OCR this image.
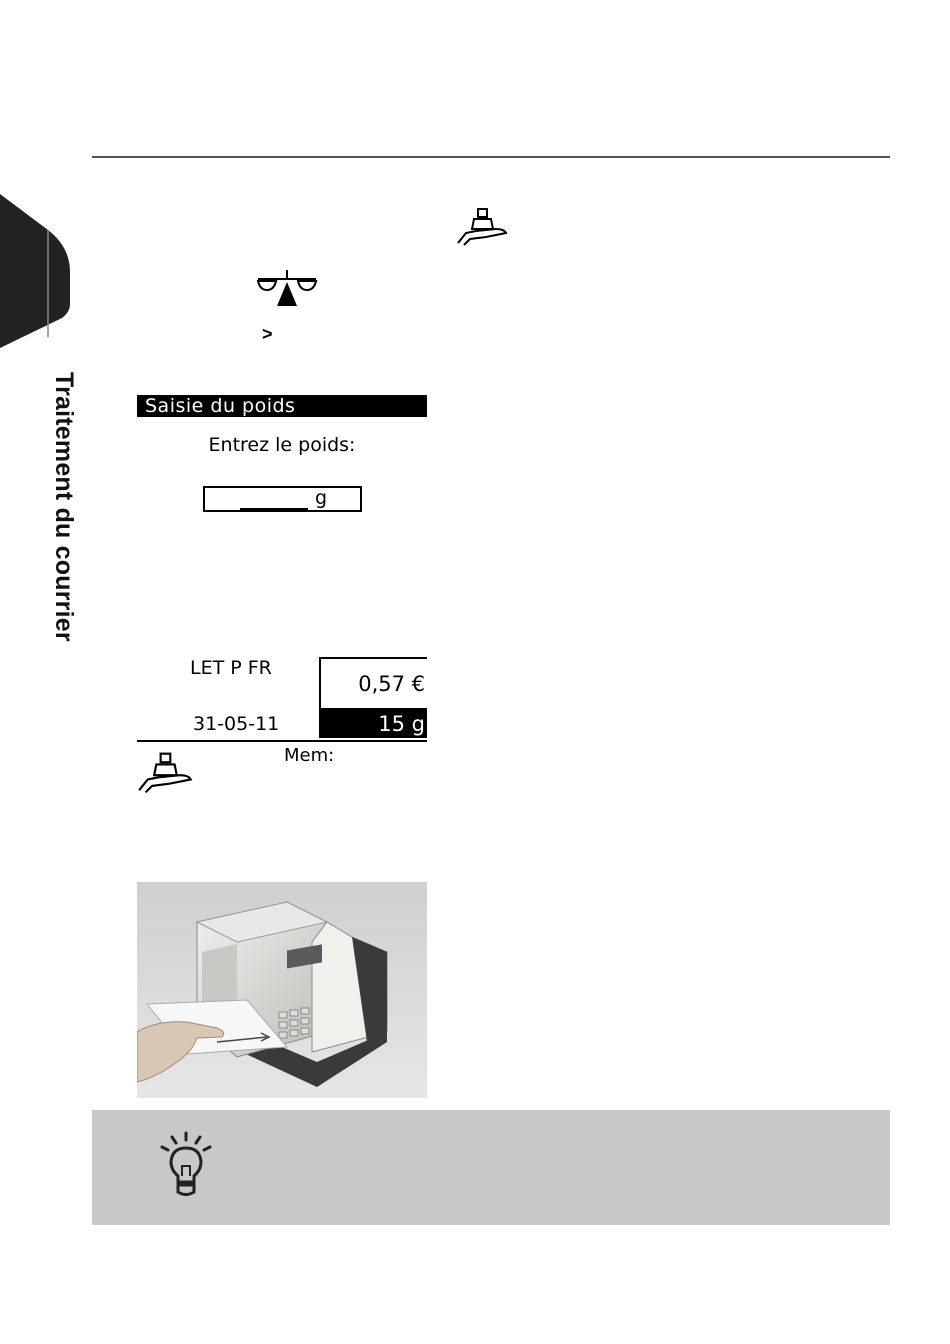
Traitement du courrier
>
Saisie du poids
Entrez le poids:
g
LET P FR
31-05-11
0,57 €
15 g
Mem:
